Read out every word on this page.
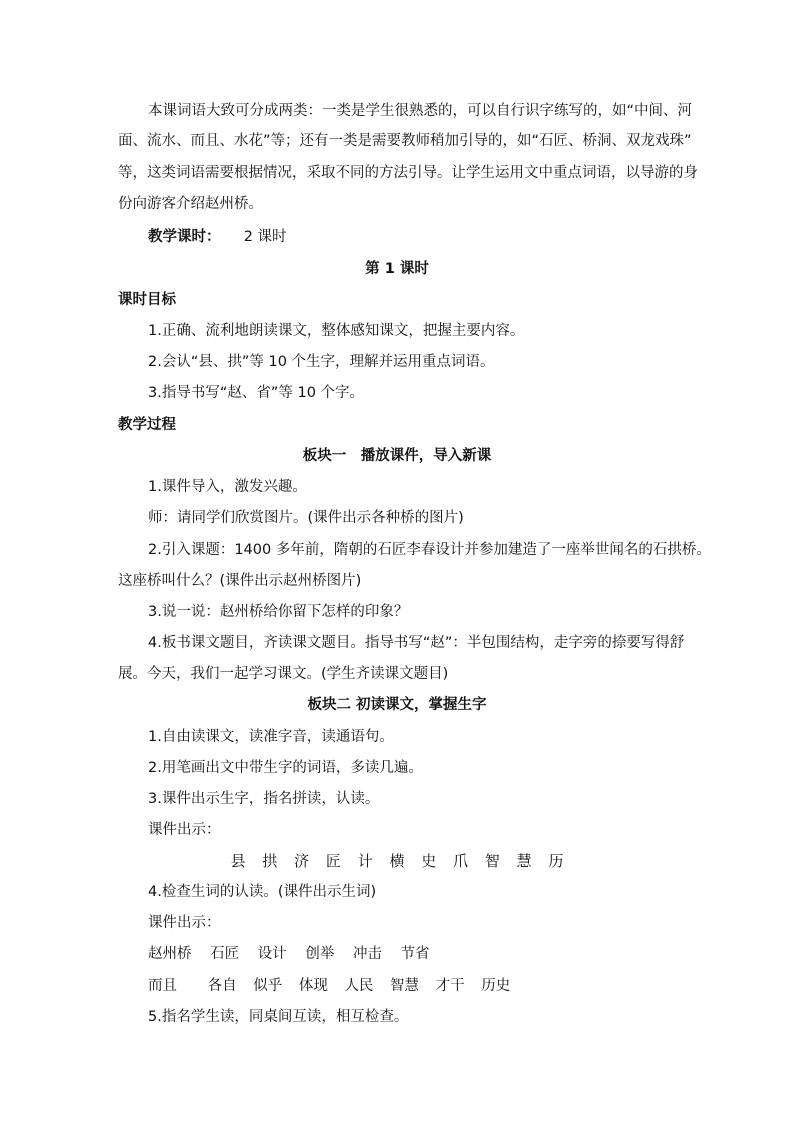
本课词语大致可分成两类：一类是学生很熟悉的，可以自行识字练写的，如“中间、河
面、流水、而且、水花”等；还有一类是需要教师稍加引导的，如“石匠、桥洞、双龙戏珠”
等，这类词语需要根据情况，采取不同的方法引导。让学生运用文中重点词语，以导游的身
份向游客介绍赵州桥。
教学课时： 2 课时
第 1 课时
课时目标
1.正确、流利地朗读课文，整体感知课文，把握主要内容。
2.会认“县、拱”等 10 个生字，理解并运用重点词语。
3.指导书写“赵、省”等 10 个字。
教学过程
板块一　播放课件，导入新课
1.课件导入，激发兴趣。
师：请同学们欣赏图片。(课件出示各种桥的图片)
2.引入课题：1400 多年前，隋朝的石匠李春设计并参加建造了一座举世闻名的石拱桥。
这座桥叫什么？(课件出示赵州桥图片)
3.说一说：赵州桥给你留下怎样的印象？
4.板书课文题目，齐读课文题目。指导书写“赵”：半包围结构，走字旁的捺要写得舒
展。今天，我们一起学习课文。(学生齐读课文题目)
板块二 初读课文，掌握生字
1.自由读课文，读准字音，读通语句。
2.用笔画出文中带生字的词语，多读几遍。
3.课件出示生字，指名拼读，认读。
课件出示：
县 拱 济 匠 计 横 史 爪 智 慧 历
4.检查生词的认读。(课件出示生词)
课件出示：
赵州桥 石匠 设计 创举 冲击 节省
而且 各自 似乎 体现 人民 智慧 才干 历史
5.指名学生读，同桌间互读，相互检查。
